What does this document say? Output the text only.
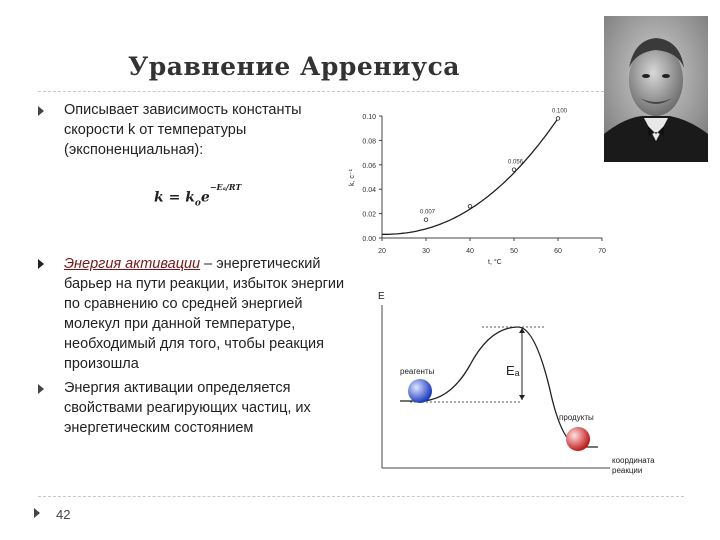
Уравнение Аррениуса
Описывает зависимость константы скорости k от температуры (экспоненциальная):
$k = k_oe^{-E_a/RT}$
Энергия активации – энергетический барьер на пути реакции, избыток энергии по сравнению со средней энергией молекул при данной температуре, необходимый для того, чтобы реакция произошла
Энергия активации определяется свойствами реагирующих частиц, их энергетическим состоянием
20	30	40	50	60	70
0.00
0.02
0.04
0.06
0.08
0.10
0.007
0.056
0.100
t, °C
k, c⁻¹
E
Eₐ
реагенты
продукты
координата
реакции
42
